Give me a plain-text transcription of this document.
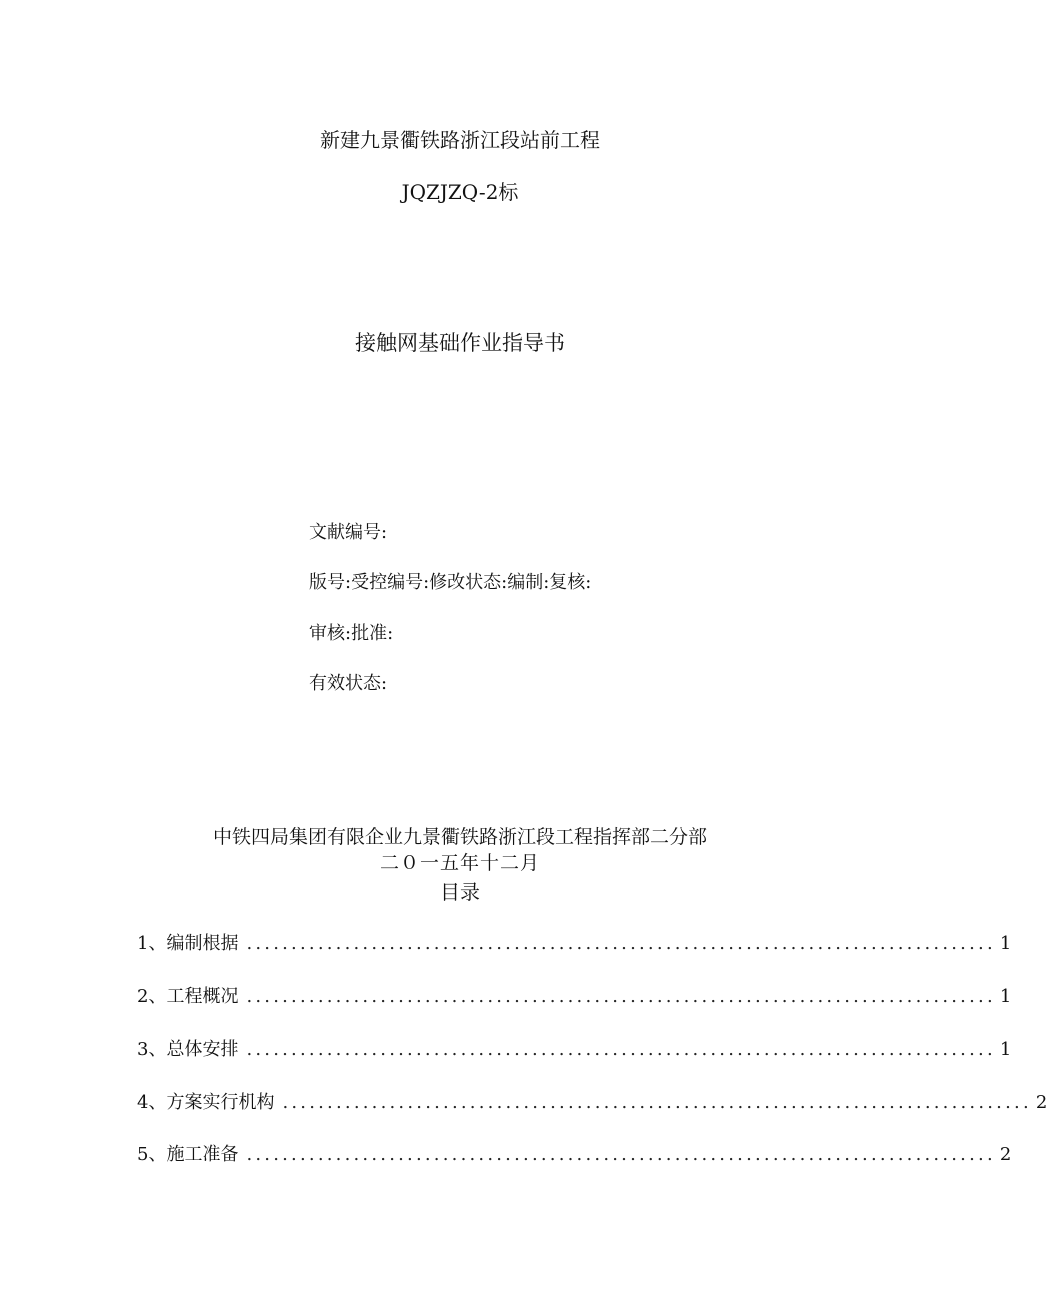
新建九景衢铁路浙江段站前工程
JQZJZQ-2标
接触网基础作业指导书
文献编号:
版号:受控编号:修改状态:编制:复核:
审核:批准:
有效状态:
中铁四局集团有限企业九景衢铁路浙江段工程指挥部二分部
二０一五年十二月
目录
1、编制根据 .................................................................................... 1
2、工程概况 .................................................................................... 1
3、总体安排 .................................................................................... 1
4、方案实行机构 .................................................................................... 2
5、施工准备 .................................................................................... 2
